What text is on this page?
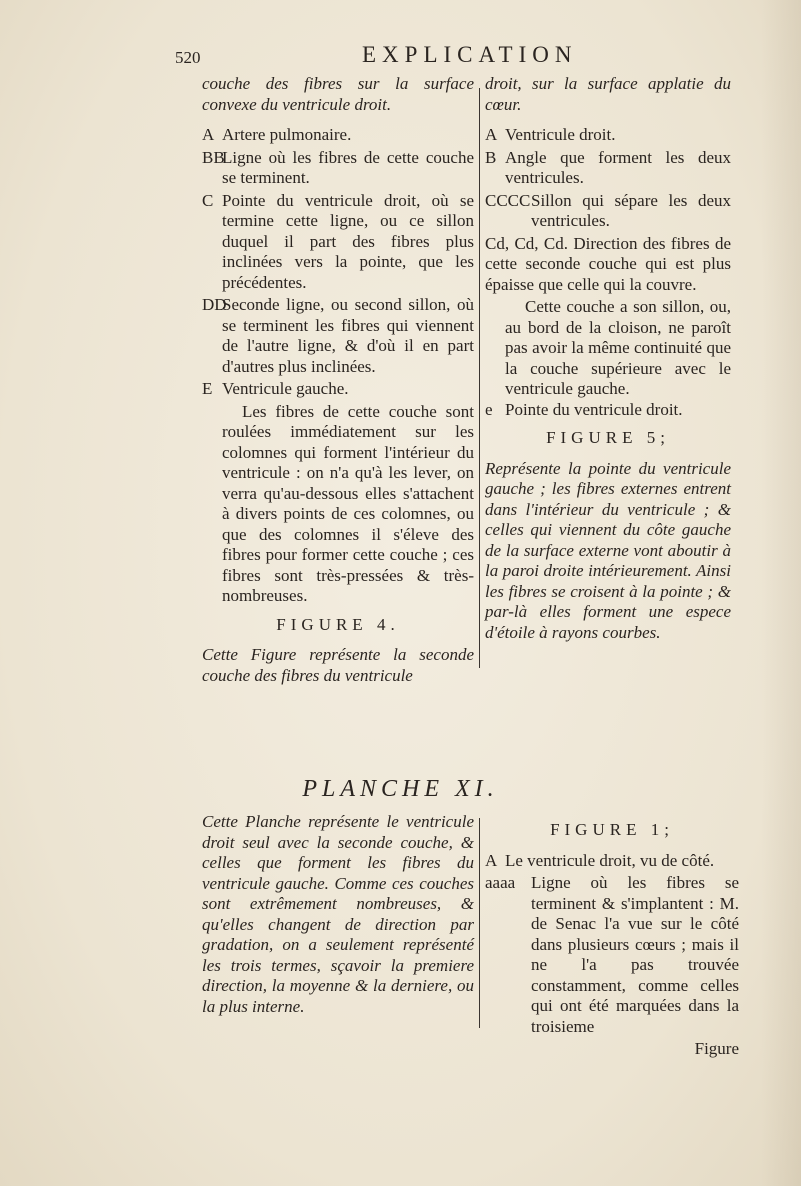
520	EXPLICATION

couche des fibres sur la surface convexe du ventricule droit.

A Artere pulmonaire.
BB
Ligne où les fibres de cette couche se terminent.
C Pointe du ventricule droit, où se termine cette ligne, ou ce sillon duquel il part des fibres plus inclinées vers la pointe, que les précédentes.
DD
Seconde ligne, ou second sillon, où se terminent les fibres qui viennent de l'autre ligne, & d'où il en part d'autres plus inclinées.
E Ventricule gauche.

Les fibres de cette couche sont roulées immédiatement sur les colomnes qui forment l'intérieur du ventricule : on n'a qu'à les lever, on verra qu'au-dessous elles s'attachent à divers points de ces colomnes, ou que des colomnes il s'éleve des fibres pour former cette couche ; ces fibres sont très-pressées & très-nombreuses.

FIGURE 4.

Cette Figure représente la seconde couche des fibres du ventricule

droit, sur la surface applatie du cœur.

A Ventricule droit.
B Angle que forment les deux ventricules.
CCCC Sillon qui sépare les deux ventricules.
Cd, Cd, Cd. Direction des fibres de cette seconde couche qui est plus épaisse que celle qui la couvre.

Cette couche a son sillon, ou, au bord de la cloison, ne paroît pas avoir la même continuité que la couche supérieure avec le ventricule gauche.

e Pointe du ventricule droit.
FIGURE 5;

Représente la pointe du ventricule gauche ; les fibres externes entrent dans l'intérieur du ventricule ; & celles qui viennent du côte gauche de la surface externe vont aboutir à la paroi droite intérieurement. Ainsi les fibres se croisent à la pointe ; & par-là elles forment une espece d'étoile à rayons courbes.

PLANCHE XI.

Cette Planche représente le ventricule droit seul avec la seconde couche, & celles que forment les fibres du ventricule gauche. Comme ces couches sont extrêmement nombreuses, & qu'elles changent de direction par gradation, on a seulement représenté les trois termes, sçavoir la premiere direction, la moyenne & la derniere, ou la plus interne.

FIGURE 1;
A Le ventricule droit, vu de côté.
aaaa Ligne où les fibres se terminent & s'implantent : M. de Senac l'a vue sur le côté dans plusieurs cœurs ; mais il ne l'a pas trouvée constamment, comme celles qui ont été marquées dans la troisieme
Figure
